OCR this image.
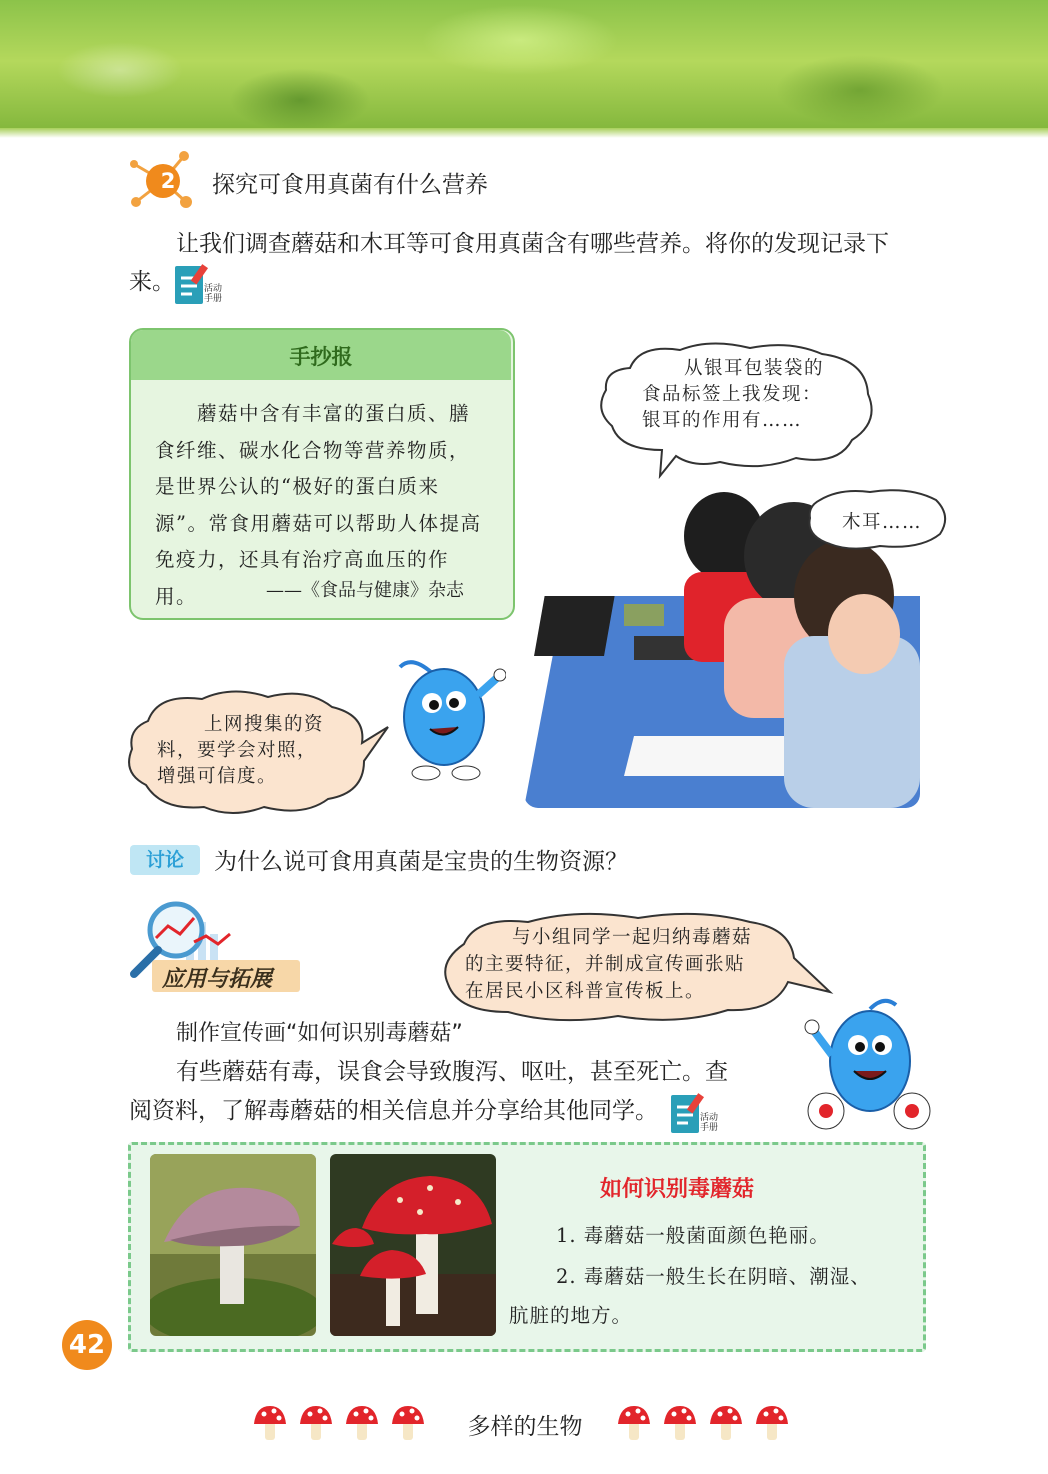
2	探究可食用真菌有什么营养
让我们调查蘑菇和木耳等可食用真菌含有哪些营养。将你的发现记录下
来。	活动
手册
手抄报
　　蘑菇中含有丰富的蛋白质、膳
食纤维、碳水化合物等营养物质，
是世界公认的“极好的蛋白质来
源”。常食用蘑菇可以帮助人体提高
免疫力，还具有治疗高血压的作用。	——《食品与健康》杂志
从银耳包装袋的
食品标签上我发现：
银耳的作用有……
木耳……
上网搜集的资
料，要学会对照，
增强可信度。
讨论	为什么说可食用真菌是宝贵的生物资源？
应用与拓展
与小组同学一起归纳毒蘑菇
的主要特征，并制成宣传画张贴
在居民小区科普宣传板上。
制作宣传画“如何识别毒蘑菇”
有些蘑菇有毒，误食会导致腹泻、呕吐，甚至死亡。查
阅资料，了解毒蘑菇的相关信息并分享给其他同学。	活动
手册
如何识别毒蘑菇
1. 毒蘑菇一般菌面颜色艳丽。
2. 毒蘑菇一般生长在阴暗、潮湿、
肮脏的地方。
42
多样的生物
